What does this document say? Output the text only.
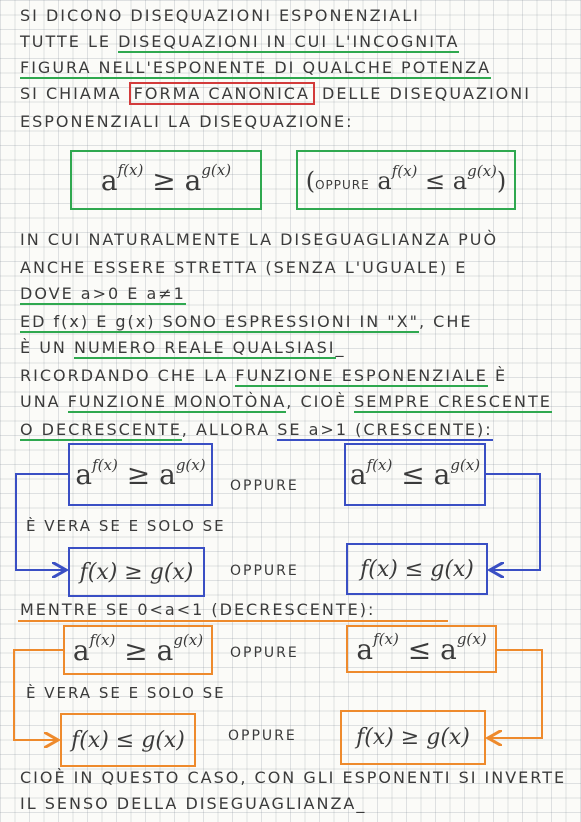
SI DICONO DISEQUAZIONI ESPONENZIALI
TUTTE LE DISEQUAZIONI IN CUI L'INCOGNITA
FIGURA NELL'ESPONENTE DI QUALCHE POTENZA
SI CHIAMA FORMA CANONICA DELLE DISEQUAZIONI
ESPONENZIALI LA DISEQUAZIONE:
$a^{f(x)} \ge a^{g(x)}$	(OPPURE $a^{f(x)} \le a^{g(x)}$)
IN CUI NATURALMENTE LA DISEGUAGLIANZA PUÒ
ANCHE ESSERE STRETTA (SENZA L'UGUALE) E
DOVE a>0 E a≠1
ED f(x) E g(x) SONO ESPRESSIONI IN "X", CHE
È UN NUMERO REALE QUALSIASI_
RICORDANDO CHE LA FUNZIONE ESPONENZIALE È
UNA FUNZIONE MONOTÒNA, CIOÈ SEMPRE CRESCENTE
O DECRESCENTE, ALLORA SE a>1 (CRESCENTE):
$a^{f(x)} \ge a^{g(x)}$
OPPURE $a^{f(x)} \le a^{g(x)}$
È VERA SE E SOLO SE
f(x) ≥ g(x)	OPPURE	f(x) ≤ g(x)
MENTRE SE 0<a<1 (DECRESCENTE):
$a^{f(x)} \ge a^{g(x)}$
OPPURE $a^{f(x)} \le a^{g(x)}$
È VERA SE E SOLO SE
f(x) ≤ g(x)	OPPURE	f(x) ≥ g(x)
CIOÈ IN QUESTO CASO, CON GLI ESPONENTI SI INVERTE
IL SENSO DELLA DISEGUAGLIANZA_
